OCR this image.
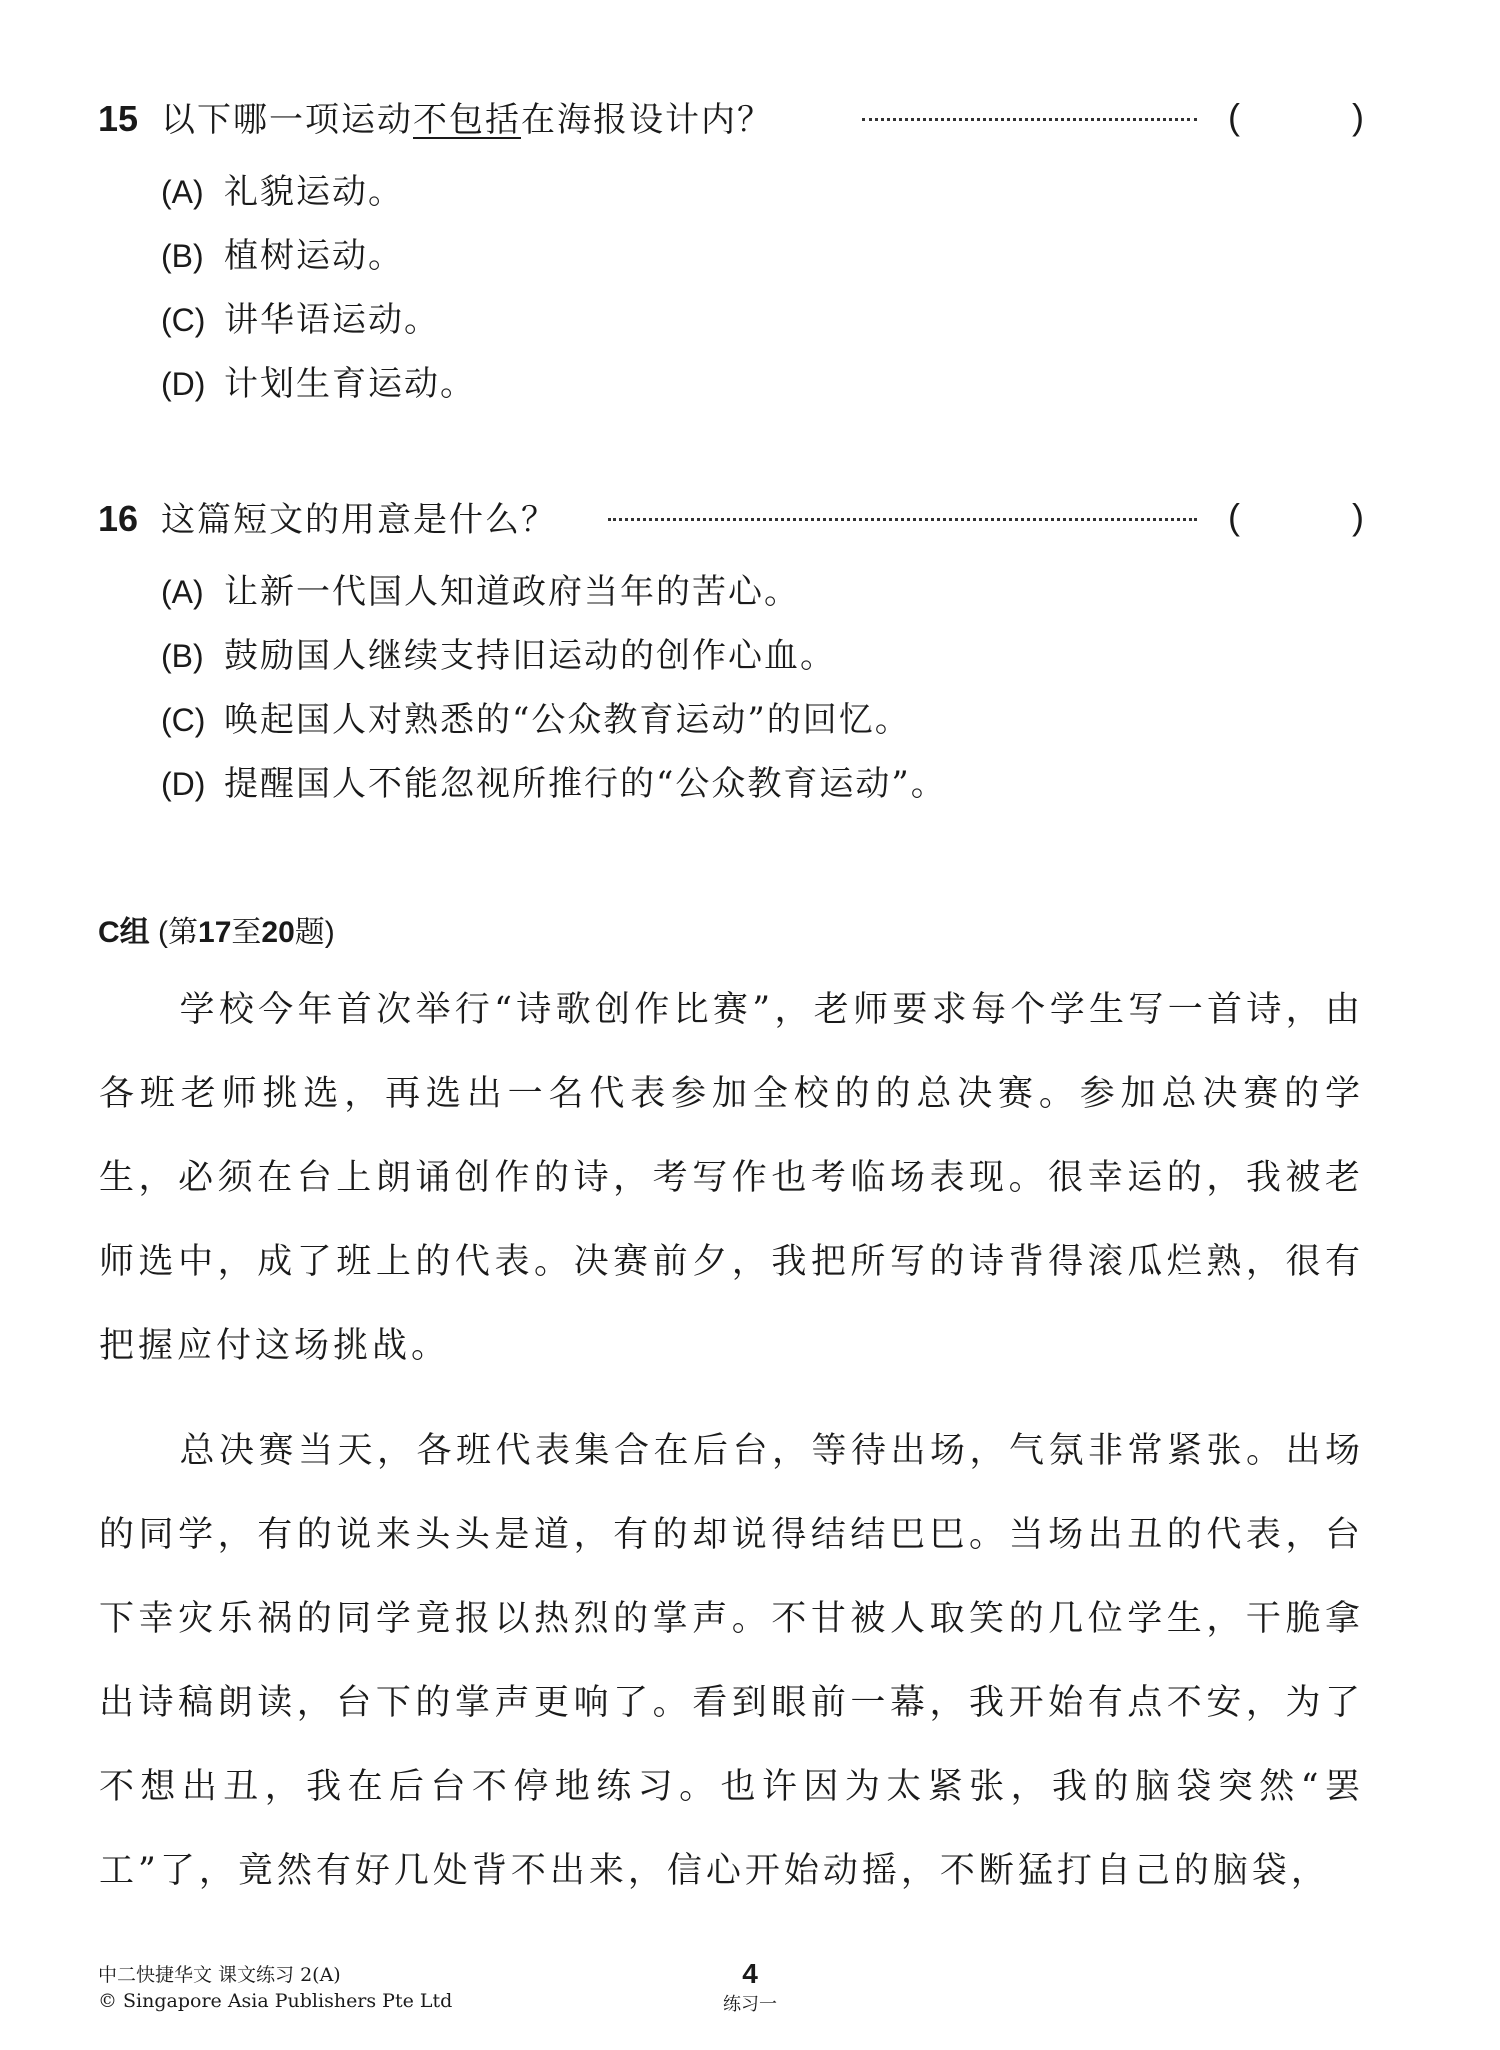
15 以下哪一项运动不包括在海报设计内？	(	)
(A) 礼貌运动。
(B) 植树运动。
(C) 讲华语运动。
(D) 计划生育运动。
16 这篇短文的用意是什么？	(	)
(A) 让新一代国人知道政府当年的苦心。
(B) 鼓励国人继续支持旧运动的创作心血。
(C) 唤起国人对熟悉的“公众教育运动”的回忆。
(D) 提醒国人不能忽视所推行的“公众教育运动”。
C组 (第17至20题)
学校今年首次举行“诗歌创作比赛”，老师要求每个学生写一首诗，由各班老师挑选，再选出一名代表参加全校的的总决赛。参加总决赛的学生，必须在台上朗诵创作的诗，考写作也考临场表现。很幸运的，我被老师选中，成了班上的代表。决赛前夕，我把所写的诗背得滚瓜烂熟，很有把握应付这场挑战。
总决赛当天，各班代表集合在后台，等待出场，气氛非常紧张。出场的同学，有的说来头头是道，有的却说得结结巴巴。当场出丑的代表，台下幸灾乐祸的同学竟报以热烈的掌声。不甘被人取笑的几位学生，干脆拿出诗稿朗读，台下的掌声更响了。看到眼前一幕，我开始有点不安，为了不想出丑，我在后台不停地练习。也许因为太紧张，我的脑袋突然“罢工”了，竟然有好几处背不出来，信心开始动摇，不断猛打自己的脑袋，
中二快捷华文 课文练习 2(A)
© Singapore Asia Publishers Pte Ltd
4
练习一
